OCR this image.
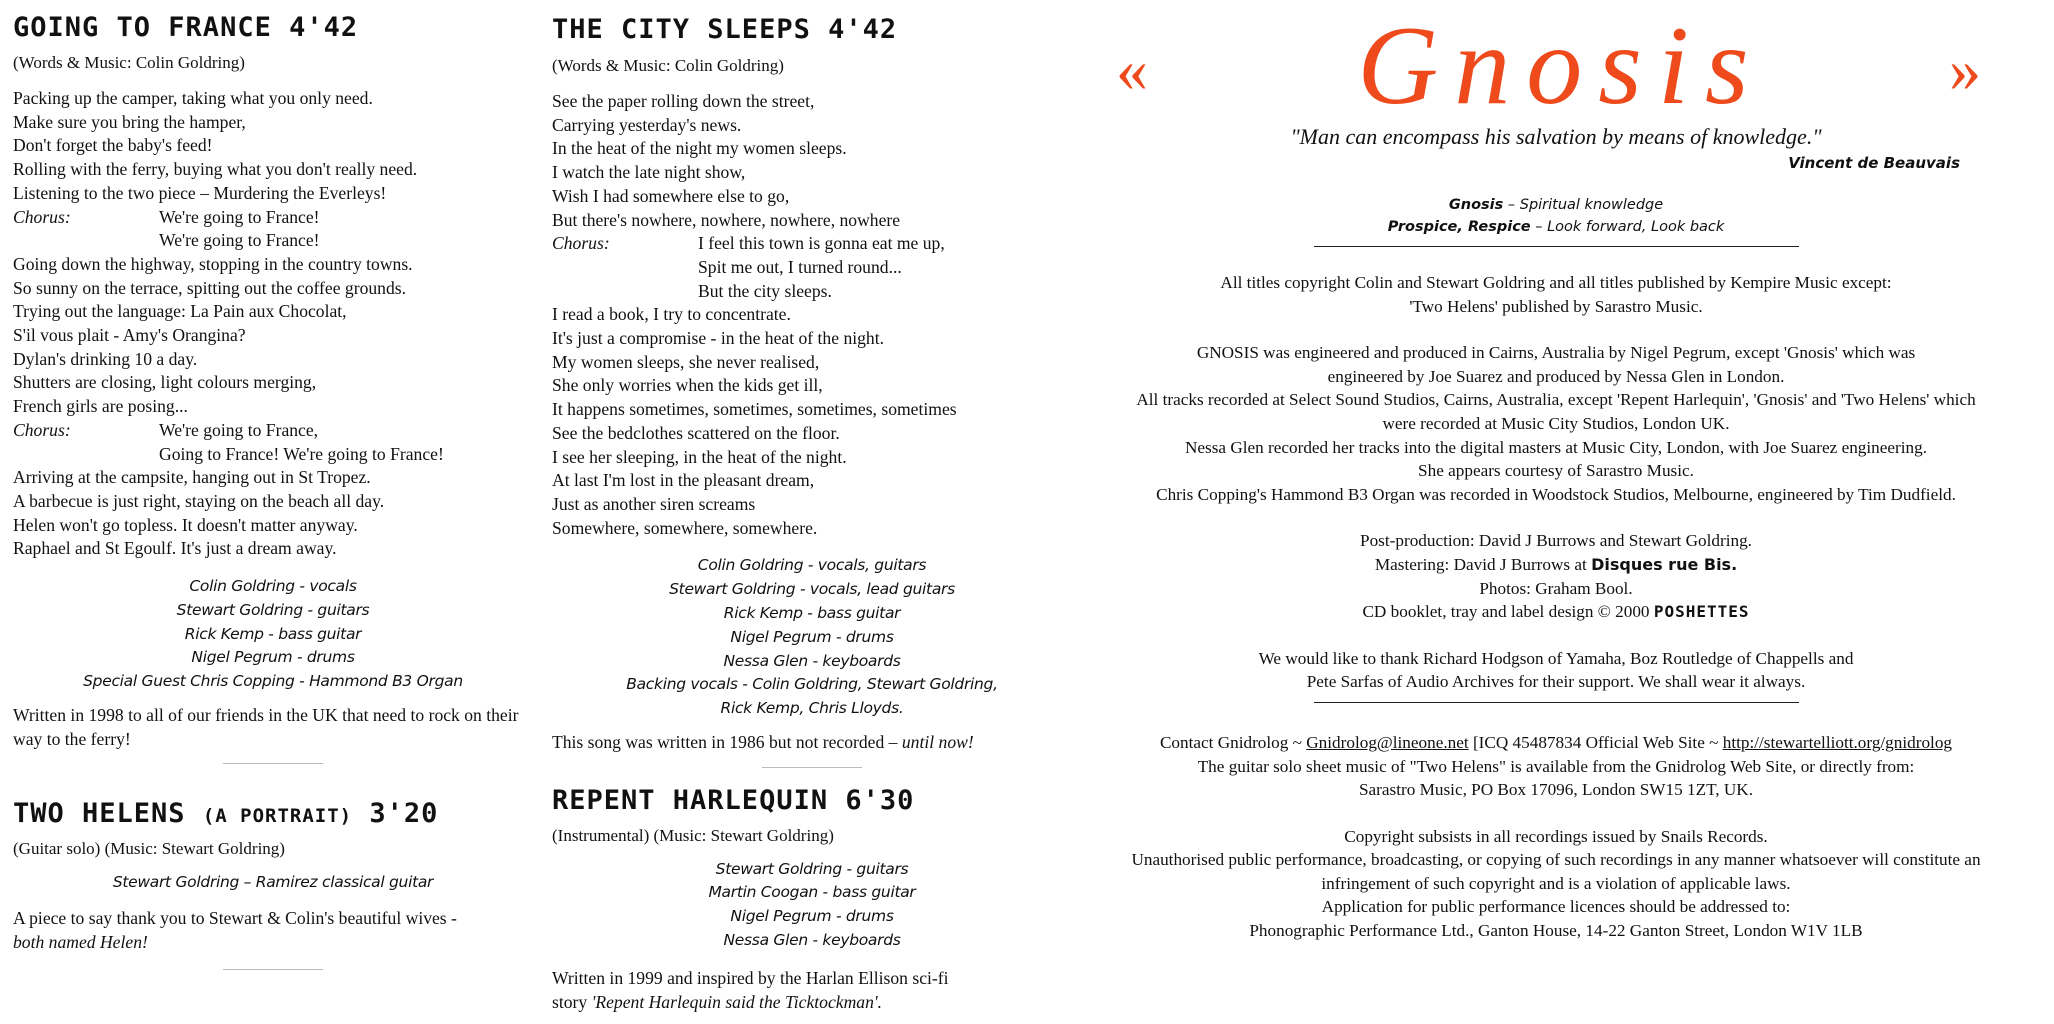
GOING TO FRANCE 4'42

(Words & Music: Colin Goldring)

Packing up the camper, taking what you only need.
Make sure you bring the hamper,
Don't forget the baby's feed!
Rolling with the ferry, buying what you don't really need.
Listening to the two piece – Murdering the Everleys!
Chorus:	We're going to France!
We're going to France!
Going down the highway, stopping in the country towns.
So sunny on the terrace, spitting out the coffee grounds.
Trying out the language: La Pain aux Chocolat,
S'il vous plait - Amy's Orangina?
Dylan's drinking 10 a day.
Shutters are closing, light colours merging,
French girls are posing...
Chorus:	We're going to France,
Going to France! We're going to France!
Arriving at the campsite, hanging out in St Tropez.
A barbecue is just right, staying on the beach all day.
Helen won't go topless. It doesn't matter anyway.
Raphael and St Egoulf. It's just a dream away.
Colin Goldring - vocals
Stewart Goldring - guitars
Rick Kemp - bass guitar
Nigel Pegrum - drums
Special Guest Chris Copping - Hammond B3 Organ
Written in 1998 to all of our friends in the UK that need to rock on their way to the ferry!
TWO HELENS (A PORTRAIT) 3'20

(Guitar solo) (Music: Stewart Goldring)

Stewart Goldring – Ramirez classical guitar
A piece to say thank you to Stewart & Colin's beautiful wives -
both named Helen!
THE CITY SLEEPS 4'42

(Words & Music: Colin Goldring)

See the paper rolling down the street,
Carrying yesterday's news.
In the heat of the night my women sleeps.
I watch the late night show,
Wish I had somewhere else to go,
But there's nowhere, nowhere, nowhere, nowhere
Chorus:	I feel this town is gonna eat me up,
Spit me out, I turned round...
But the city sleeps.
I read a book, I try to concentrate.
It's just a compromise - in the heat of the night.
My women sleeps, she never realised,
She only worries when the kids get ill,
It happens sometimes, sometimes, sometimes, sometimes
See the bedclothes scattered on the floor.
I see her sleeping, in the heat of the night.
At last I'm lost in the pleasant dream,
Just as another siren screams
Somewhere, somewhere, somewhere.
Colin Goldring - vocals, guitars
Stewart Goldring - vocals, lead guitars
Rick Kemp - bass guitar
Nigel Pegrum - drums
Nessa Glen - keyboards
Backing vocals - Colin Goldring, Stewart Goldring,
Rick Kemp, Chris Lloyds.
This song was written in 1986 but not recorded – until now!
REPENT HARLEQUIN 6'30

(Instrumental) (Music: Stewart Goldring)

Stewart Goldring - guitars
Martin Coogan - bass guitar
Nigel Pegrum - drums
Nessa Glen - keyboards
Written in 1999 and inspired by the Harlan Ellison sci-fi
story 'Repent Harlequin said the Ticktockman'.
«	Gnosis	»
"Man can encompass his salvation by means of knowledge."
Vincent de Beauvais
Gnosis – Spiritual knowledge
Prospice, Respice – Look forward, Look back

All titles copyright Colin and Stewart Goldring and all titles published by Kempire Music except:

'Two Helens' published by Sarastro Music.

GNOSIS was engineered and produced in Cairns, Australia by Nigel Pegrum, except 'Gnosis' which was

engineered by Joe Suarez and produced by Nessa Glen in London.

All tracks recorded at Select Sound Studios, Cairns, Australia, except 'Repent Harlequin', 'Gnosis' and 'Two Helens' which

were recorded at Music City Studios, London UK.

Nessa Glen recorded her tracks into the digital masters at Music City, London, with Joe Suarez engineering.

She appears courtesy of Sarastro Music.

Chris Copping's Hammond B3 Organ was recorded in Woodstock Studios, Melbourne, engineered by Tim Dudfield.

Post-production: David J Burrows and Stewart Goldring.

Mastering: David J Burrows at Disques rue Bis.

Photos: Graham Bool.

CD booklet, tray and label design © 2000 POSHETTES

We would like to thank Richard Hodgson of Yamaha, Boz Routledge of Chappells and

Pete Sarfas of Audio Archives for their support. We shall wear it always.

Contact Gnidrolog ~ Gnidrolog@lineone.net [ICQ 45487834 Official Web Site ~ http://stewartelliott.org/gnidrolog

The guitar solo sheet music of "Two Helens" is available from the Gnidrolog Web Site, or directly from:

Sarastro Music, PO Box 17096, London SW15 1ZT, UK.

Copyright subsists in all recordings issued by Snails Records.

Unauthorised public performance, broadcasting, or copying of such recordings in any manner whatsoever will constitute an

infringement of such copyright and is a violation of applicable laws.

Application for public performance licences should be addressed to:

Phonographic Performance Ltd., Ganton House, 14-22 Ganton Street, London W1V 1LB
